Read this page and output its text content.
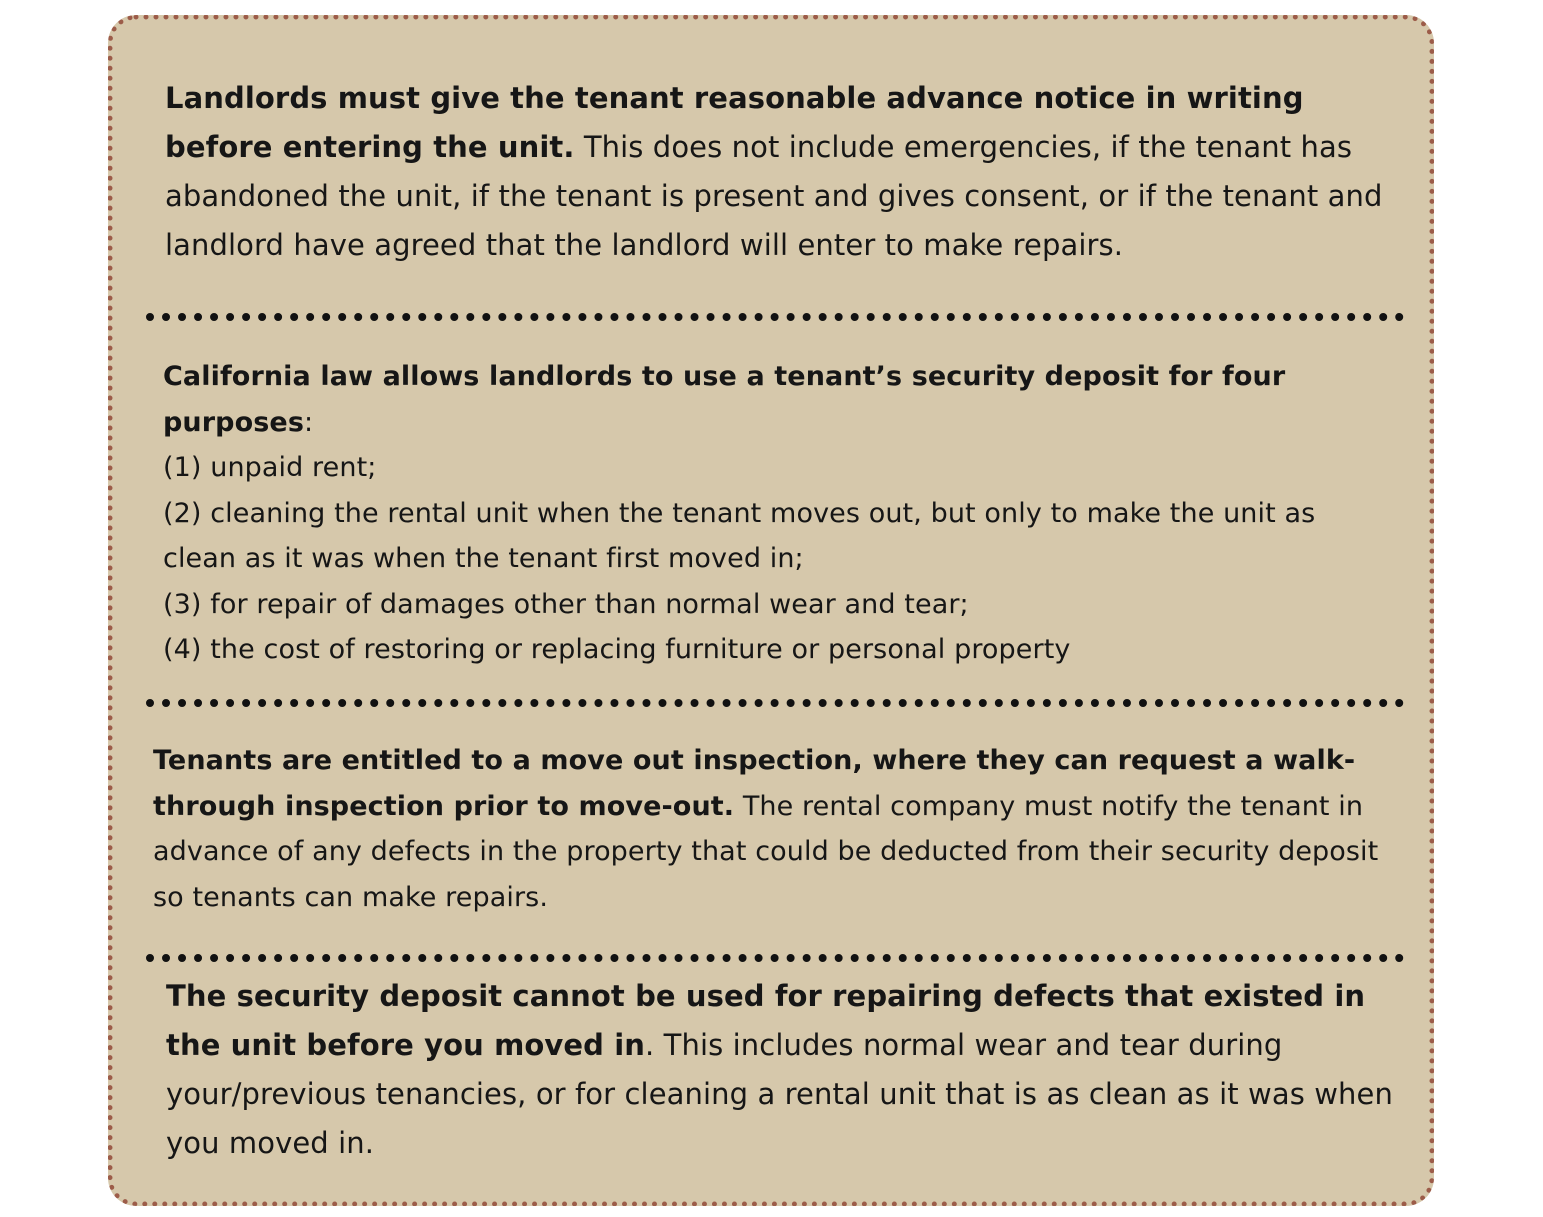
Landlords must give the tenant reasonable advance notice in writing before entering the unit. This does not include emergencies, if the tenant has abandoned the unit, if the tenant is present and gives consent, or if the tenant and landlord have agreed that the landlord will enter to make repairs.

California law allows landlords to use a tenant’s security deposit for four purposes:

(1) unpaid rent;
(2) cleaning the rental unit when the tenant moves out, but only to make the unit as clean as it was when the tenant first moved in;
(3) for repair of damages other than normal wear and tear;
(4) the cost of restoring or replacing furniture or personal property

Tenants are entitled to a move out inspection, where they can request a walk-through inspection prior to move-out. The rental company must notify the tenant in advance of any defects in the property that could be deducted from their security deposit so tenants can make repairs.

The security deposit cannot be used for repairing defects that existed in the unit before you moved in. This includes normal wear and tear during your/previous tenancies, or for cleaning a rental unit that is as clean as it was when you moved in.
